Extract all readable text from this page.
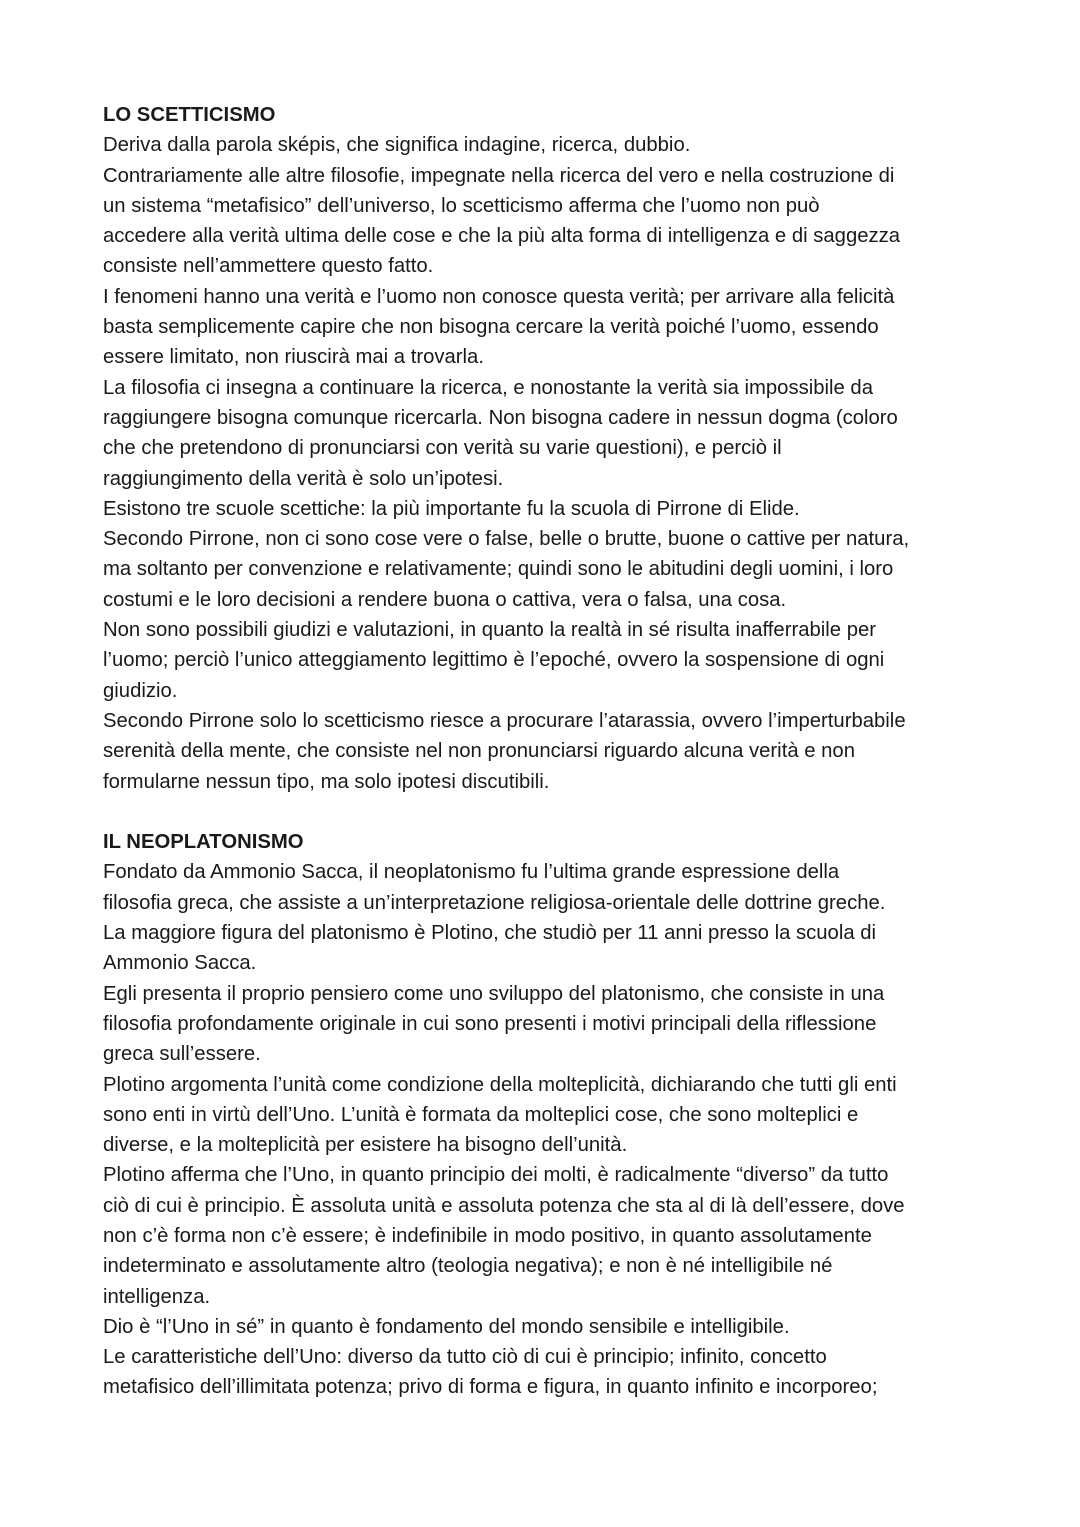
LO SCETTICISMO
Deriva dalla parola sképis, che significa indagine, ricerca, dubbio.
Contrariamente alle altre filosofie, impegnate nella ricerca del vero e nella costruzione di
un sistema “metafisico” dell’universo, lo scetticismo afferma che l’uomo non può
accedere alla verità ultima delle cose e che la più alta forma di intelligenza e di saggezza
consiste nell’ammettere questo fatto.
I fenomeni hanno una verità e l’uomo non conosce questa verità; per arrivare alla felicità
basta semplicemente capire che non bisogna cercare la verità poiché l’uomo, essendo
essere limitato, non riuscirà mai a trovarla.
La filosofia ci insegna a continuare la ricerca, e nonostante la verità sia impossibile da
raggiungere bisogna comunque ricercarla. Non bisogna cadere in nessun dogma (coloro
che che pretendono di pronunciarsi con verità su varie questioni), e perciò il
raggiungimento della verità è solo un’ipotesi.
Esistono tre scuole scettiche: la più importante fu la scuola di Pirrone di Elide.
Secondo Pirrone, non ci sono cose vere o false, belle o brutte, buone o cattive per natura,
ma soltanto per convenzione e relativamente; quindi sono le abitudini degli uomini, i loro
costumi e le loro decisioni a rendere buona o cattiva, vera o falsa, una cosa.
Non sono possibili giudizi e valutazioni, in quanto la realtà in sé risulta inafferrabile per
l’uomo; perciò l’unico atteggiamento legittimo è l’epoché, ovvero la sospensione di ogni
giudizio.
Secondo Pirrone solo lo scetticismo riesce a procurare l’atarassia, ovvero l’imperturbabile
serenità della mente, che consiste nel non pronunciarsi riguardo alcuna verità e non
formularne nessun tipo, ma solo ipotesi discutibili.
IL NEOPLATONISMO
Fondato da Ammonio Sacca, il neoplatonismo fu l’ultima grande espressione della
filosofia greca, che assiste a un’interpretazione religiosa-orientale delle dottrine greche.
La maggiore figura del platonismo è Plotino, che studiò per 11 anni presso la scuola di
Ammonio Sacca.
Egli presenta il proprio pensiero come uno sviluppo del platonismo, che consiste in una
filosofia profondamente originale in cui sono presenti i motivi principali della riflessione
greca sull’essere.
Plotino argomenta l’unità come condizione della molteplicità, dichiarando che tutti gli enti
sono enti in virtù dell’Uno. L’unità è formata da molteplici cose, che sono molteplici e
diverse, e la molteplicità per esistere ha bisogno dell’unità.
Plotino afferma che l’Uno, in quanto principio dei molti, è radicalmente “diverso” da tutto
ciò di cui è principio. È assoluta unità e assoluta potenza che sta al di là dell’essere, dove
non c’è forma non c’è essere; è indefinibile in modo positivo, in quanto assolutamente
indeterminato e assolutamente altro (teologia negativa); e non è né intelligibile né
intelligenza.
Dio è “l’Uno in sé” in quanto è fondamento del mondo sensibile e intelligibile.
Le caratteristiche dell’Uno: diverso da tutto ciò di cui è principio; infinito, concetto
metafisico dell’illimitata potenza; privo di forma e figura, in quanto infinito e incorporeo;
